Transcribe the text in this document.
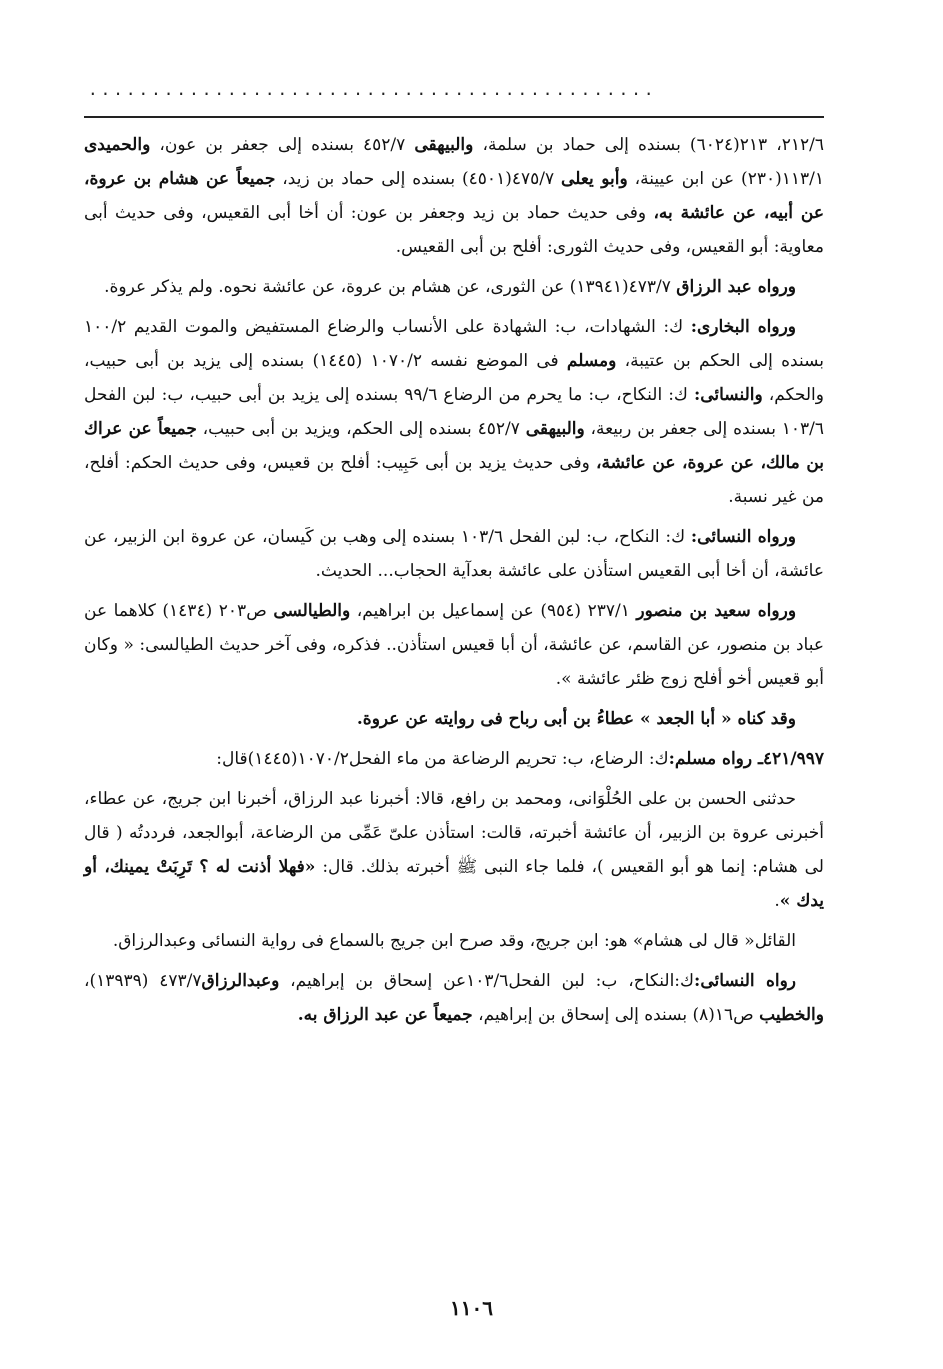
.............................................

٢١٢/٦، ٢١٣(٦٠٢٤) بسنده إلى حماد بن سلمة، والبيهقى ٤٥٢/٧ بسنده إلى جعفر بن عون، والحميدى ١١٣/١(٢٣٠) عن ابن عيينة، وأبو يعلى ٤٧٥/٧(٤٥٠١) بسنده إلى حماد بن زيد، جميعاً عن هشام بن عروة، عن أبيه، عن عائشة به، وفى حديث حماد بن زيد وجعفر بن عون: أن أخا أبى القعيس، وفى حديث أبى معاوية: أبو القعيس، وفى حديث الثورى: أفلح بن أبى القعيس.

ورواه عبد الرزاق ٤٧٣/٧(١٣٩٤١) عن الثورى، عن هشام بن عروة، عن عائشة نحوه. ولم يذكر عروة.

ورواه البخارى: ك: الشهادات، ب: الشهادة على الأنساب والرضاع المستفيض والموت القديم ١٠٠/٢ بسنده إلى الحكم بن عتيبة، ومسلم فى الموضع نفسه ١٠٧٠/٢ (١٤٤٥) بسنده إلى يزيد بن أبى حبيب، والحكم، والنسائى: ك: النكاح، ب: ما يحرم من الرضاع ٩٩/٦ بسنده إلى يزيد بن أبى حبيب، ب: لبن الفحل ١٠٣/٦ بسنده إلى جعفر بن ربيعة، والبيهقى ٤٥٢/٧ بسنده إلى الحكم، ويزيد بن أبى حبيب، جميعاً عن عراك بن مالك، عن عروة، عن عائشة، وفى حديث يزيد بن أبى حَبِيب: أفلح بن قعيس، وفى حديث الحكم: أفلح، من غير نسبة.

ورواه النسائى: ك: النكاح، ب: لبن الفحل ١٠٣/٦ بسنده إلى وهب بن كَيسان، عن عروة ابن الزبير، عن عائشة، أن أخا أبى القعيس استأذن على عائشة بعدآية الحجاب... الحديث.

ورواه سعيد بن منصور ٢٣٧/١ (٩٥٤) عن إسماعيل بن ابراهيم، والطيالسى ص٢٠٣ (١٤٣٤) كلاهما عن عباد بن منصور، عن القاسم، عن عائشة، أن أبا قعيس استأذن.. فذكره، وفى آخر حديث الطيالسى: « وكان أبو قعيس أخو أفلح زوج ظئر عائشة ».

وقد كناه « أبا الجعد » عطاءُ بن أبى رباح فى روايته عن عروة.

٤٢١/٩٩٧ـ رواه مسلم:ك: الرضاع، ب: تحريم الرضاعة من ماء الفحل١٠٧٠/٢(١٤٤٥)قال:

حدثنى الحسن بن على الحُلْوَانى، ومحمد بن رافع، قالا: أخبرنا عبد الرزاق، أخبرنا ابن جريج، عن عطاء، أخبرنى عروة بن الزبير، أن عائشة أخبرته، قالت: استأذن علىّ عَمِّى من الرضاعة، أبوالجعد، فرددتُه ( قال لى هشام: إنما هو أبو القعيس )، فلما جاء النبى ﷺ أخبرته بذلك. قال: «فهلا أذنت له ؟ تَرِبَتْ يمينك، أو يدك ».

القائل« قال لى هشام» هو: ابن جريج، وقد صرح ابن جريج بالسماع فى رواية النسائى وعبدالرزاق.

رواه النسائى:ك:النكاح، ب: لبن الفحل١٠٣/٦عن إسحاق بن إبراهيم، وعبدالرزاق٤٧٣/٧ (١٣٩٣٩)، والخطيب ص١٦(٨) بسنده إلى إسحاق بن إبراهيم، جميعاً عن عبد الرزاق به.

١١٠٦
